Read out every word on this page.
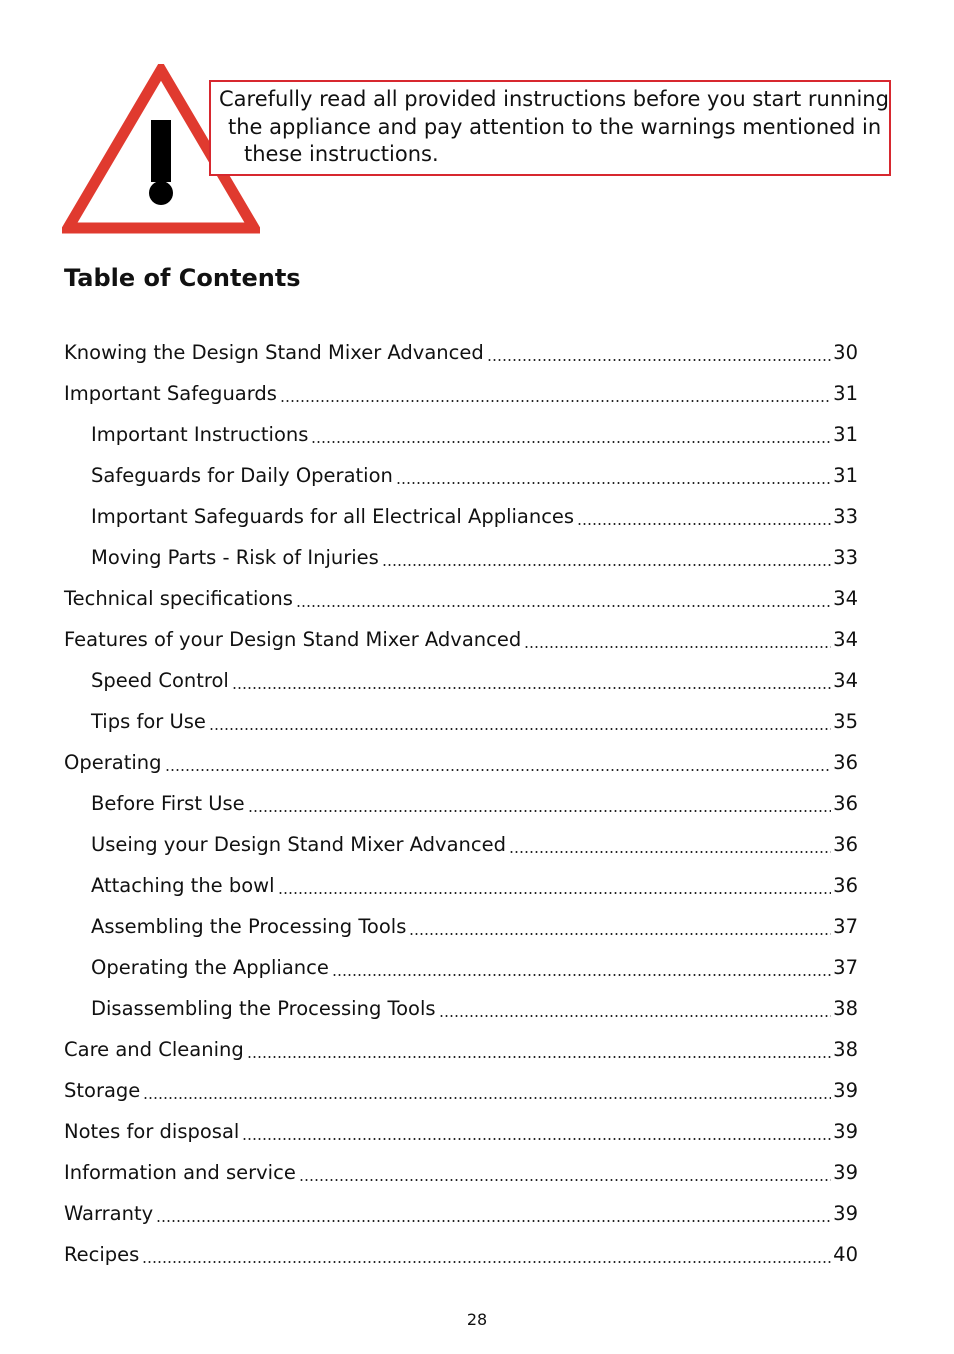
Carefully read all provided instructions before you start running
the appliance and pay attention to the warnings mentioned in
these instructions.
Table of Contents
Knowing the Design Stand Mixer Advanced	30
Important Safeguards	31
Important Instructions	31
Safeguards for Daily Operation	31
Important Safeguards for all Electrical Appliances	33
Moving Parts - Risk of Injuries	33
Technical specifications	34
Features of your Design Stand Mixer Advanced	34
Speed Control	34
Tips for Use	35
Operating	36
Before First Use	36
Useing your Design Stand Mixer Advanced	36
Attaching the bowl	36
Assembling the Processing Tools	37
Operating the Appliance	37
Disassembling the Processing Tools	38
Care and Cleaning	38
Storage	39
Notes for disposal	39
Information and service	39
Warranty	39
Recipes	40
28
